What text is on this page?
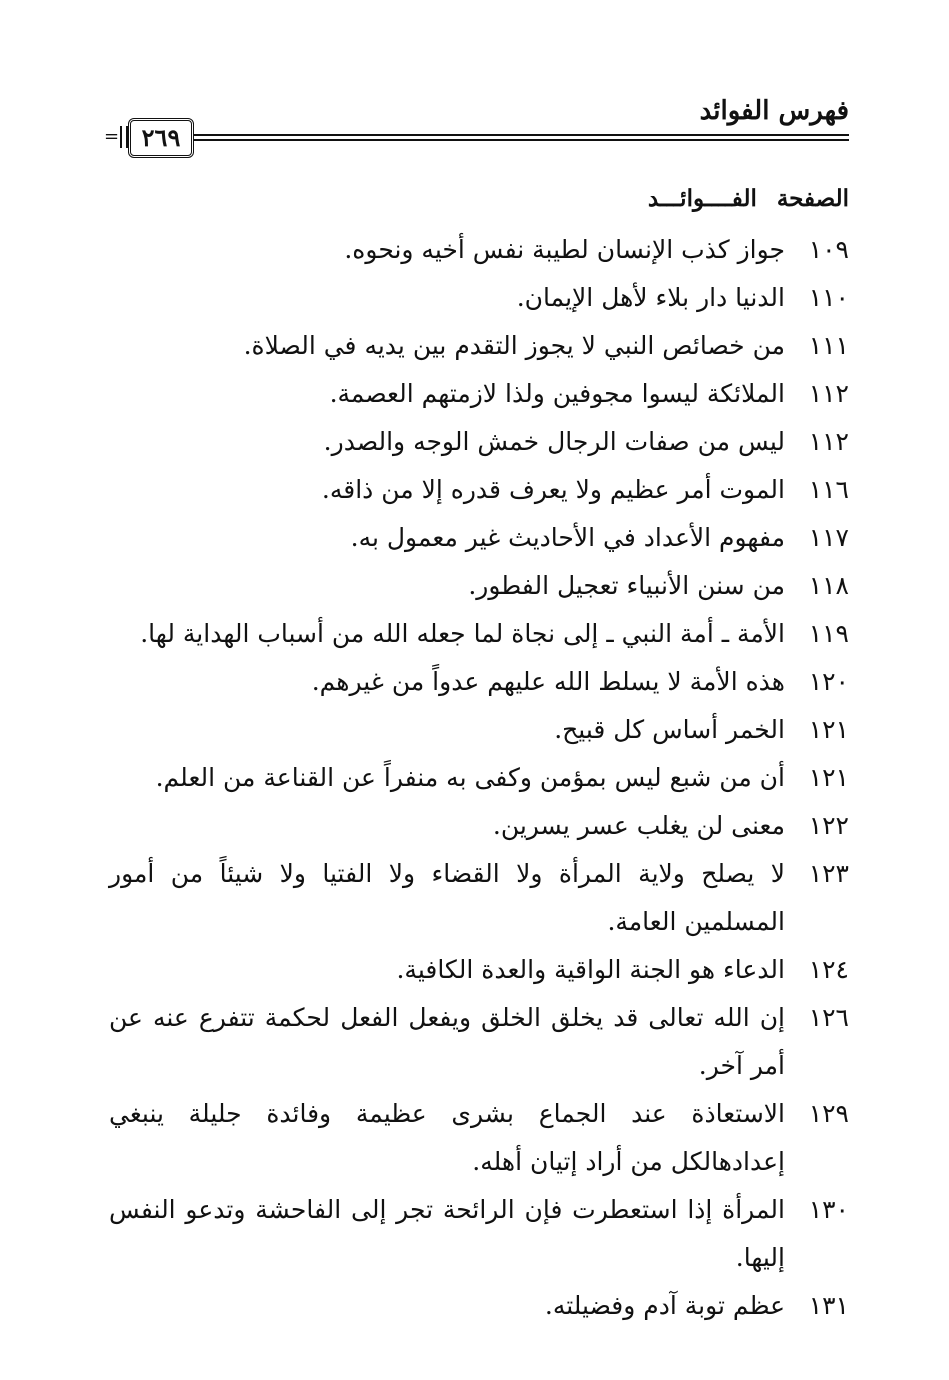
فهرس الفوائد
٢٦٩
=
الصفحة
الفــــوائـــد
١٠٩
جواز كذب الإنسان لطيبة نفس أخيه ونحوه.
١١٠
الدنيا دار بلاء لأهل الإيمان.
١١١
من خصائص النبي لا يجوز التقدم بين يديه في الصلاة.
١١٢
الملائكة ليسوا مجوفين ولذا لازمتهم العصمة.
١١٢
ليس من صفات الرجال خمش الوجه والصدر.
١١٦
الموت أمر عظيم ولا يعرف قدره إلا من ذاقه.
١١٧
مفهوم الأعداد في الأحاديث غير معمول به.
١١٨
من سنن الأنبياء تعجيل الفطور.
١١٩
الأمة ـ أمة النبي ـ إلى نجاة لما جعله الله من أسباب الهداية لها.
١٢٠
هذه الأمة لا يسلط الله عليهم عدواً من غيرهم.
١٢١
الخمر أساس كل قبيح.
١٢١
أن من شبع ليس بمؤمن وكفى به منفراً عن القناعة من العلم.
١٢٢
معنى لن يغلب عسر يسرين.
١٢٣
لا يصلح ولاية المرأة ولا القضاء ولا الفتيا ولا شيئاً من أمور المسلمين العامة.
١٢٤
الدعاء هو الجنة الواقية والعدة الكافية.
١٢٦
إن الله تعالى قد يخلق الخلق ويفعل الفعل لحكمة تتفرع عنه عن أمر آخر.
١٢٩
الاستعاذة عند الجماع بشرى عظيمة وفائدة جليلة ينبغي إعدادهالكل من أراد إتيان أهله.
١٣٠
المرأة إذا استعطرت فإن الرائحة تجر إلى الفاحشة وتدعو النفس إليها.
١٣١
عظم توبة آدم وفضيلته.
